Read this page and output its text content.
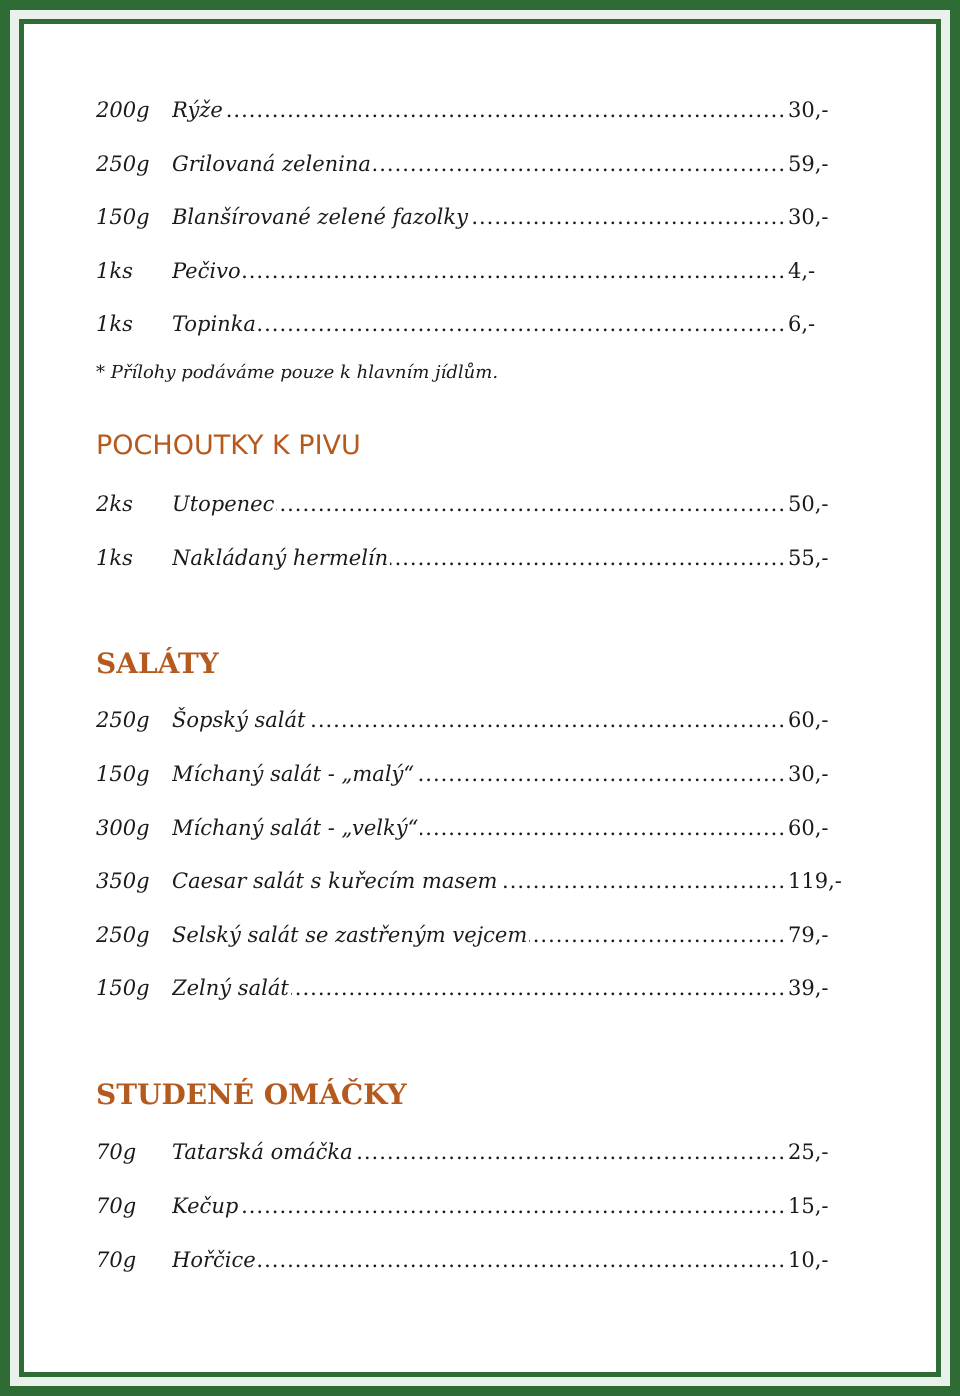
200g Rýže .....	30,-
250g Grilovaná zelenina .....	59,-
150g Blanšírované zelené fazolky .....	30,-
1ks Pečivo .....	4,-
1ks Topinka .....	6,-
* Přílohy podáváme pouze k hlavním jídlům.
POCHOUTKY K PIVU
2ks Utopenec .....	50,-
1ks Nakládaný hermelín .....	55,-
SALÁTY
250g Šopský salát .....	60,-
150g Míchaný salát - „malý“ .....	30,-
300g Míchaný salát - „velký“ .....	60,-
350g Caesar salát s kuřecím masem .....	119,-
250g Selský salát se zastřeným vejcem .....	79,-
150g Zelný salát .....	39,-
STUDENÉ OMÁČKY
70g Tatarská omáčka .....	25,-
70g Kečup .....	15,-
70g Hořčice .....	10,-
